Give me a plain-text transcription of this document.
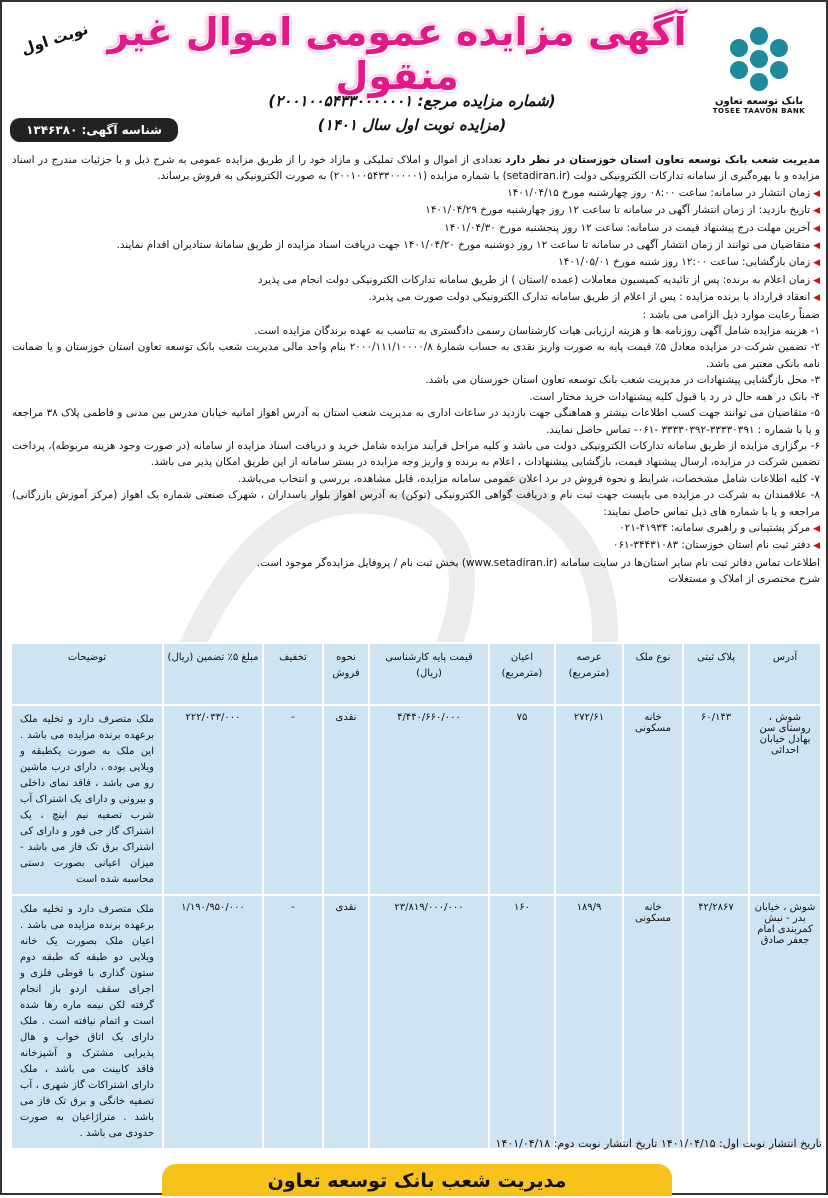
نوبت اول آگهی مزایده عمومی اموال غیر منقول
بانک توسعه تعاون
TOSEE TAAVON BANK
(شماره مزایده مرجع: ۲۰۰۱۰۰۵۴۳۳۰۰۰۰۰۰۱)
(مزایده نوبت اول سال ۱۴۰۱)
شناسه آگهی: ۱۳۴۶۳۸۰

مدیریت شعب بانک توسعه تعاون استان خوزستان در نظر دارد تعدادی از اموال و املاک تملیکی و مازاد خود را از طریق مزایده عمومی به شرح ذیل و با جزئیات مندرج در اسناد مزایده و با بهره‌گیری از سامانه تدارکات الکترونیکی دولت (setadiran.ir) با شماره مزایده (۲۰۰۱۰۰۵۴۳۳۰۰۰۰۰۱) به صورت الکترونیکی به فروش برساند.

◀ زمان انتشار در سامانه: ساعت ۰۸:۰۰ روز چهارشنبه مورخ ۱۴۰۱/۰۴/۱۵
◀ تاریخ بازدید: از زمان انتشار آگهی در سامانه تا ساعت ۱۲ روز چهارشنبه مورخ ۱۴۰۱/۰۴/۲۹
◀ آخرین مهلت درج پیشنهاد قیمت در سامانه: ساعت ۱۲ روز پنجشنبه مورخ ۱۴۰۱/۰۴/۳۰
◀ متقاضیان می توانند از زمان انتشار آگهی در سامانه تا ساعت ۱۲ روز دوشنبه مورخ ۱۴۰۱/۰۴/۲۰ جهت دریافت اسناد مزایده از طریق سامانهٔ ستادیران اقدام نمایند.
◀ زمان بازگشایی: ساعت ۱۲:۰۰ روز شنبه مورخ ۱۴۰۱/۰۵/۰۱
◀ زمان اعلام به برنده: پس از تائیدیه کمیسیون معاملات (عمده /استان ) از طریق سامانه تدارکات الکترونیکی دولت انجام می پذیرد
◀ انعقاد قرارداد با برنده مزایده : پس از اعلام از طریق سامانه تدارک الکترونیکی دولت صورت می پذیرد.

ضمناً رعایت موارد ذیل الزامی می باشد :

۱- هزینه مزایده شامل آگهی روزنامه ها و هزینه ارزیابی هیات کارشناسان رسمی دادگستری به تناسب به عهده برندگان مزایده است.

۲- تضمین شرکت در مزایده معادل ۵٪ قیمت پایه به صورت واریز نقدی به حساب شمارهٔ ۲۰۰۰/۱۱۱/۱۰۰۰۰/۸ بنام واحد مالی مدیریت شعب بانک توسعه تعاون استان خوزستان و یا ضمانت نامه بانکی معتبر می باشد.

۳- محل بازگشایی پیشنهادات در مدیریت شعب بانک توسعه تعاون استان خوزستان می باشد.

۴- بانک در همه حال در رد یا قبول کلیه پیشنهادات خرید مختار است.

۵- متقاضیان می توانند جهت کسب اطلاعات بیشتر و هماهنگی جهت بازدید در ساعات اداری به مدیریت شعب استان به آدرس اهواز امانیه خیابان مدرس بین مدنی و فاطمی پلاک ۳۸ مراجعه و یا با شماره : ۳۳۳۳۰۳۹۱-۳۳۳۳۰۳۹۲ -۰۶۱- تماس حاصل نمایند.

۶- برگزاری مزایده از طریق سامانه تدارکات الکترونیکی دولت می باشد و کلیه مراحل فرآیند مزایده شامل خرید و دریافت اسناد مزایده از سامانه (در صورت وجود هزینه مربوطه)، پرداخت تضمین شرکت در مزایده، ارسال پیشنهاد قیمت، بازگشایی پیشنهادات ، اعلام به برنده و واریز وجه مزایده در بستر سامانه از این طریق امکان پذیر می باشد.

۷- کلیه اطلاعات شامل مشخصات، شرایط و نحوه فروش در برد اعلان عمومی سامانه مزایده، قابل مشاهده، بررسی و انتخاب می‌باشد.

۸- علاقمندان به شرکت در مزایده می بایست جهت ثبت نام و دریافت گواهی الکترونیکی (توکن) به آدرس اهواز بلوار باسداران ، شهرک صنعتی شماره یک اهواز (مرکز آموزش بازرگانی) مراجعه و یا با شماره های ذیل تماس حاصل نمایند:

◀ مرکز پشتیبانی و راهبری سامانه: ۴۱۹۳۴-۰۲۱
◀ دفتر ثبت نام استان خوزستان: ۳۴۴۳۱۰۸۳-۰۶۱

اطلاعات تماس دفاتر ثبت نام سایر استان‌ها در سایت سامانه (www.setadiran.ir) بخش ثبت نام / پروفایل مزایده‌گر موجود است.

شرح مختصری از املاک و مستغلات

آدرس	پلاک ثبتی	نوع ملک	عرصه (مترمربع)	اعیان (مترمربع)	قیمت پایه کارشناسی (ریال)	نحوه فروش	تخفیف	مبلغ ۵٪ تضمین (ریال)	توضیحات
شوش ، روستای سن بهادل خیابان احداثی	۶۰/۱۴۳	خانه مسکونی	۲۷۲/۶۱	۷۵	۴/۴۴۰/۶۶۰/۰۰۰	نقدی	-	۲۲۲/۰۳۳/۰۰۰	ملک متصرف دارد و تخلیه ملک برعهده برنده مزایده می باشد . این ملک به صورت یکطبقه و ویلایی بوده ، دارای درب ماشین رو می باشد ، فاقد نمای داخلی و بیرونی و دارای یک اشتراک آب شرب تصفیه نیم اینچ ، یک اشتراک گاز جی فور و دارای کی اشتراک برق تک فاز می باشد - میزان اعیانی بصورت دستی محاسبه شده است
شوش ، خیابان بدر - نبش کمربندی امام جعفر صادق	۴۲/۲۸۶۷	خانه مسکونی	۱۸۹/۹	۱۶۰	۲۳/۸۱۹/۰۰۰/۰۰۰	نقدی	-	۱/۱۹۰/۹۵۰/۰۰۰	ملک متصرف دارد و تخلیه ملک برعهده برنده مزایده می باشد . اعیان ملک بصورت یک خانه ویلایی دو طبقه که طبقه دوم ستون گذاری با قوطی فلزی و اجرای سقف اردو باز انجام گرفته لکن نیمه ماره رها شده است و اتمام نیافته است . ملک دارای یک اتاق خواب و هال پذیرایی مشترک و آشپزخانه فاقد کابینت می باشد ، ملک دارای اشتراکات گاز شهری ، آب تصفیه خانگی و برق تک فاز می باشد . متراژاعیان به صورت حدودی می باشد .
تاریخ انتشار نوبت اول: ۱۴۰۱/۰۴/۱۵ تاریخ انتشار نوبت دوم: ۱۴۰۱/۰۴/۱۸
مدیریت شعب بانک توسعه تعاون
